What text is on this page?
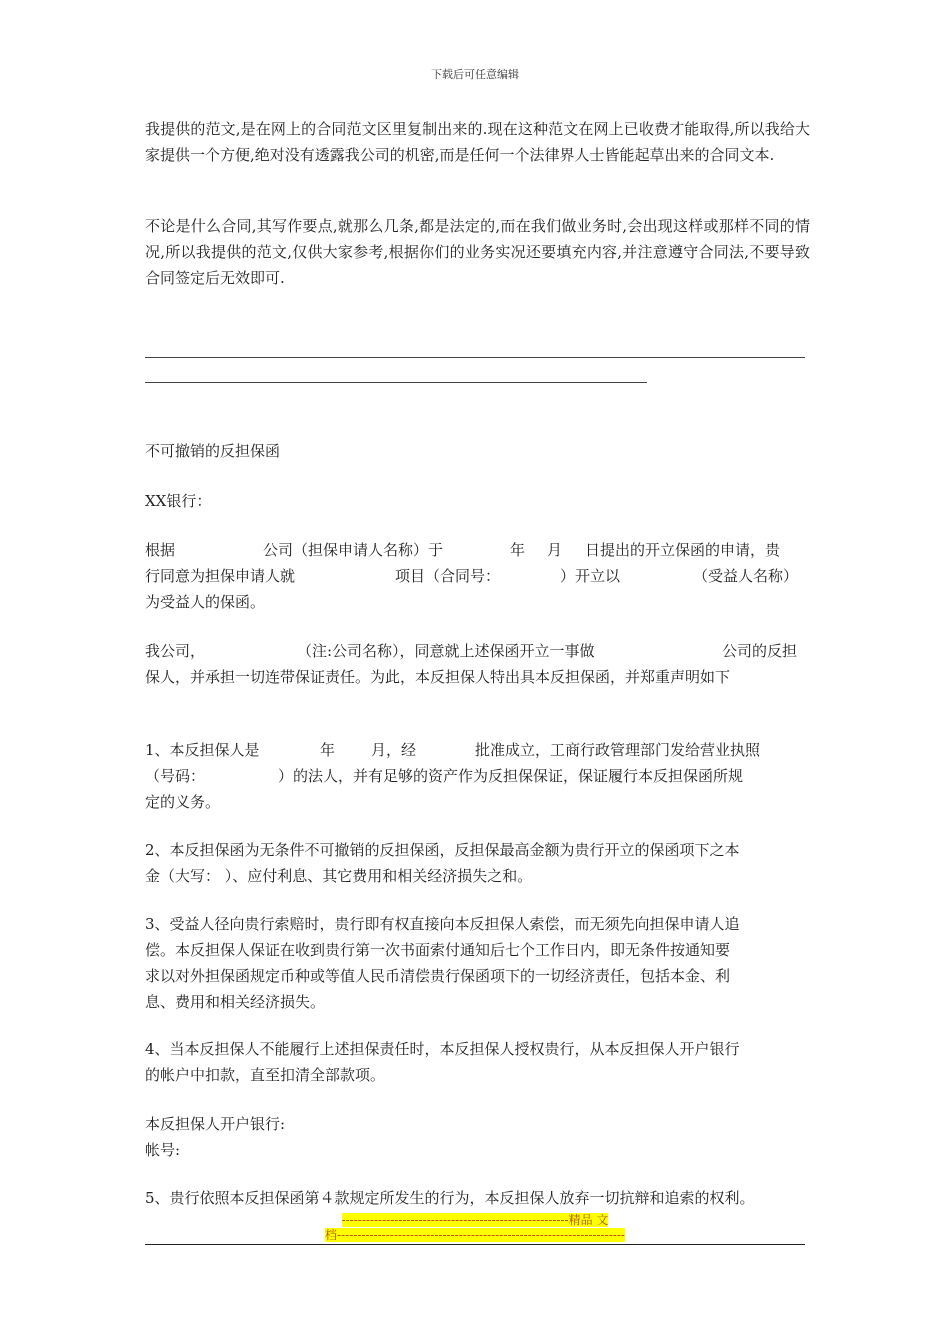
下载后可任意编辑

我提供的范文,是在网上的合同范文区里复制出来的.现在这种范文在网上已收费才能取得,所以我给大家提供一个方便,绝对没有透露我公司的机密,而是任何一个法律界人士皆能起草出来的合同文本.

不论是什么合同,其写作要点,就那么几条,都是法定的,而在我们做业务时,会出现这样或那样不同的情况,所以我提供的范文,仅供大家参考,根据你们的业务实况还要填充内容,并注意遵守合同法,不要导致合同签定后无效即可.

不可撤销的反担保函

XX银行：

根据	公司（担保申请人名称）于	年 月 日提出的开立保函的申请，贵
行同意为担保申请人就	项目（合同号：	）开立以	（受益人名称）
为受益人的保函。
我公司，	（注:公司名称），同意就上述保函开立一事做	公司的反担
保人，并承担一切连带保证责任。为此，本反担保人特出具本反担保函，并郑重声明如下
1、本反担保人是	年 月，经	批准成立，工商行政管理部门发给营业执照
（号码：	）的法人，并有足够的资产作为反担保保证，保证履行本反担保函所规
定的义务。
2、本反担保函为无条件不可撤销的反担保函，反担保最高金额为贵行开立的保函项下之本
金（大写： ）、应付利息、其它费用和相关经济损失之和。
3、受益人径向贵行索赔时，贵行即有权直接向本反担保人索偿，而无须先向担保申请人追
偿。本反担保人保证在收到贵行第一次书面索付通知后七个工作日内，即无条件按通知要
求以对外担保函规定币种或等值人民币清偿贵行保函项下的一切经济责任，包括本金、利
息、费用和相关经济损失。
4、当本反担保人不能履行上述担保责任时，本反担保人授权贵行，从本反担保人开户银行
的帐户中扣款，直至扣清全部款项。
本反担保人开户银行:
帐号:
5、贵行依照本反担保函第４款规定所发生的行为，本反担保人放弃一切抗辩和追索的权利。
--------------------------------------------------------精品 文
档-----------------------------------------------------------------------
